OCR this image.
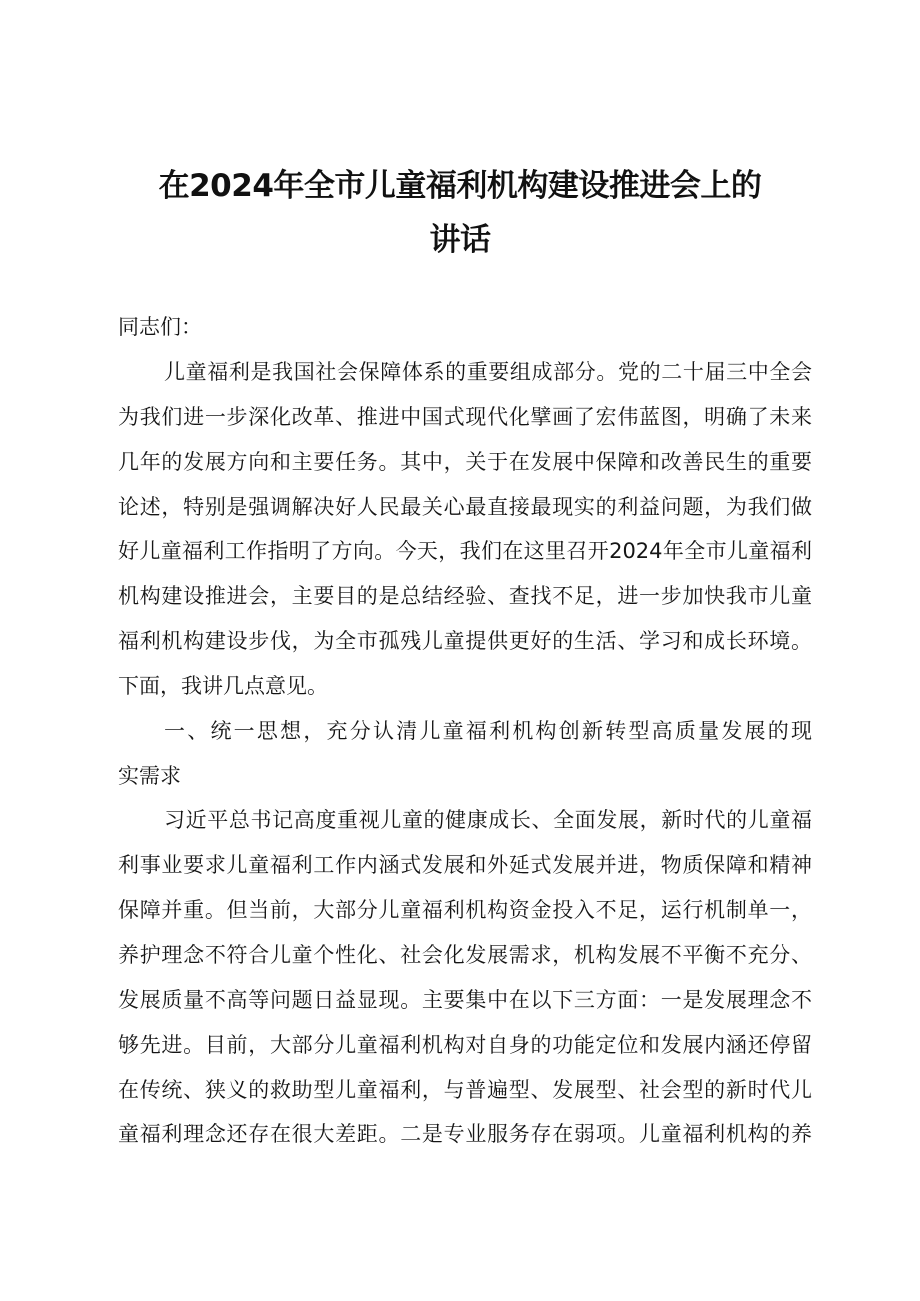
在2024年全市儿童福利机构建设推进会上的
讲话
同志们：
儿童福利是我国社会保障体系的重要组成部分。党的二十届三中全会
为我们进一步深化改革、推进中国式现代化擘画了宏伟蓝图，明确了未来
几年的发展方向和主要任务。其中，关于在发展中保障和改善民生的重要
论述，特别是强调解决好人民最关心最直接最现实的利益问题，为我们做
好儿童福利工作指明了方向。今天，我们在这里召开2024年全市儿童福利
机构建设推进会，主要目的是总结经验、查找不足，进一步加快我市儿童
福利机构建设步伐，为全市孤残儿童提供更好的生活、学习和成长环境。
下面，我讲几点意见。
一、统一思想，充分认清儿童福利机构创新转型高质量发展的现
实需求
习近平总书记高度重视儿童的健康成长、全面发展，新时代的儿童福
利事业要求儿童福利工作内涵式发展和外延式发展并进，物质保障和精神
保障并重。但当前，大部分儿童福利机构资金投入不足，运行机制单一，
养护理念不符合儿童个性化、社会化发展需求，机构发展不平衡不充分、
发展质量不高等问题日益显现。主要集中在以下三方面：一是发展理念不
够先进。目前，大部分儿童福利机构对自身的功能定位和发展内涵还停留
在传统、狭义的救助型儿童福利，与普遍型、发展型、社会型的新时代儿
童福利理念还存在很大差距。二是专业服务存在弱项。儿童福利机构的养
